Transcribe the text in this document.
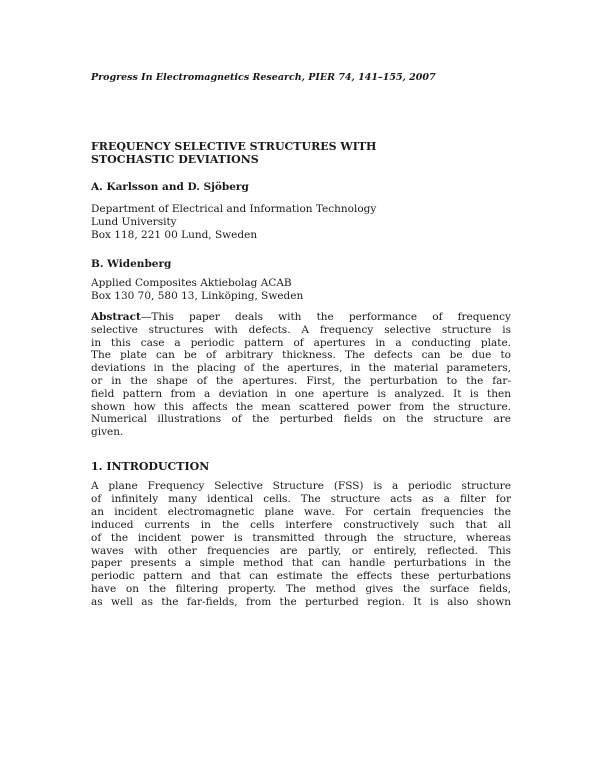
Progress In Electromagnetics Research, PIER 74, 141–155, 2007
FREQUENCY SELECTIVE STRUCTURES WITH
STOCHASTIC DEVIATIONS
A. Karlsson and D. Sjöberg
Department of Electrical and Information Technology
Lund University
Box 118, 221 00 Lund, Sweden
B. Widenberg
Applied Composites Aktiebolag ACAB
Box 130 70, 580 13, Linköping, Sweden
Abstract—This paper deals with the performance of frequency
selective structures with defects. A frequency selective structure is
in this case a periodic pattern of apertures in a conducting plate.
The plate can be of arbitrary thickness. The defects can be due to
deviations in the placing of the apertures, in the material parameters,
or in the shape of the apertures. First, the perturbation to the far-
field pattern from a deviation in one aperture is analyzed. It is then
shown how this affects the mean scattered power from the structure.
Numerical illustrations of the perturbed fields on the structure are
given.
1. INTRODUCTION
A plane Frequency Selective Structure (FSS) is a periodic structure
of infinitely many identical cells. The structure acts as a filter for
an incident electromagnetic plane wave. For certain frequencies the
induced currents in the cells interfere constructively such that all
of the incident power is transmitted through the structure, whereas
waves with other frequencies are partly, or entirely, reflected. This
paper presents a simple method that can handle perturbations in the
periodic pattern and that can estimate the effects these perturbations
have on the filtering property. The method gives the surface fields,
as well as the far-fields, from the perturbed region. It is also shown
